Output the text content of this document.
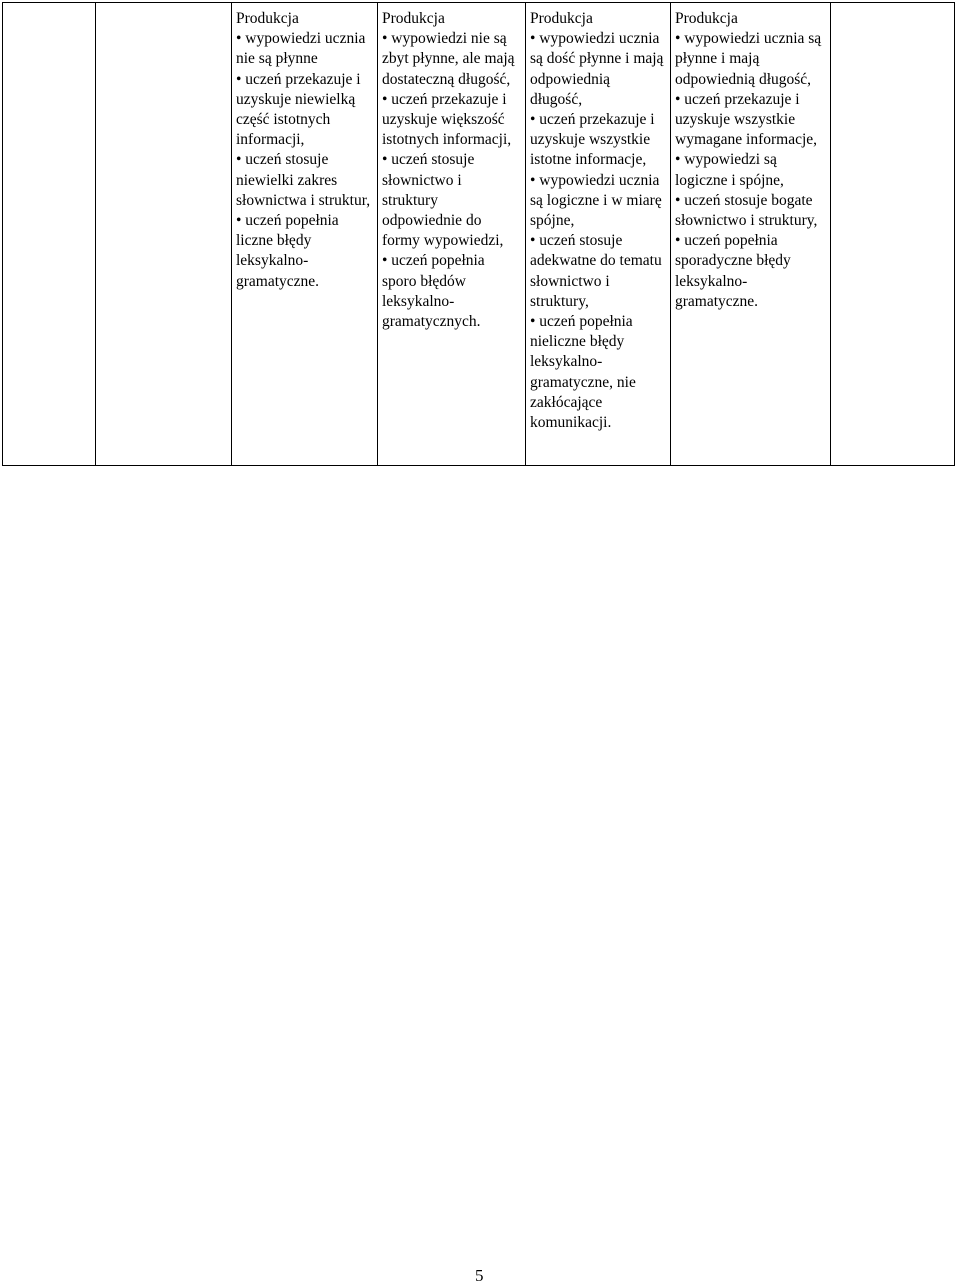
Produkcja
• wypowiedzi ucznia nie są płynne
• uczeń przekazuje i uzyskuje niewielką część istotnych informacji,
• uczeń stosuje niewielki zakres słownictwa i struktur,
• uczeń popełnia liczne błędy leksykalno-gramatyczne.

Produkcja
• wypowiedzi nie są zbyt płynne, ale mają dostateczną długość,
• uczeń przekazuje i uzyskuje większość istotnych informacji,
• uczeń stosuje słownictwo i struktury odpowiednie do formy wypowiedzi,
• uczeń popełnia sporo błędów leksykalno-gramatycznych.

Produkcja
• wypowiedzi ucznia są dość płynne i mają odpowiednią długość,
• uczeń przekazuje i uzyskuje wszystkie istotne informacje,
• wypowiedzi ucznia są logiczne i w miarę spójne,
• uczeń stosuje adekwatne do tematu słownictwo i struktury,
• uczeń popełnia nieliczne błędy leksykalno-gramatyczne, nie zakłócające komunikacji.

Produkcja
• wypowiedzi ucznia są płynne i mają odpowiednią długość,
• uczeń przekazuje i uzyskuje wszystkie wymagane informacje,
• wypowiedzi są logiczne i spójne,
• uczeń stosuje bogate słownictwo i struktury,
• uczeń popełnia sporadyczne błędy leksykalno-gramatyczne.

5
